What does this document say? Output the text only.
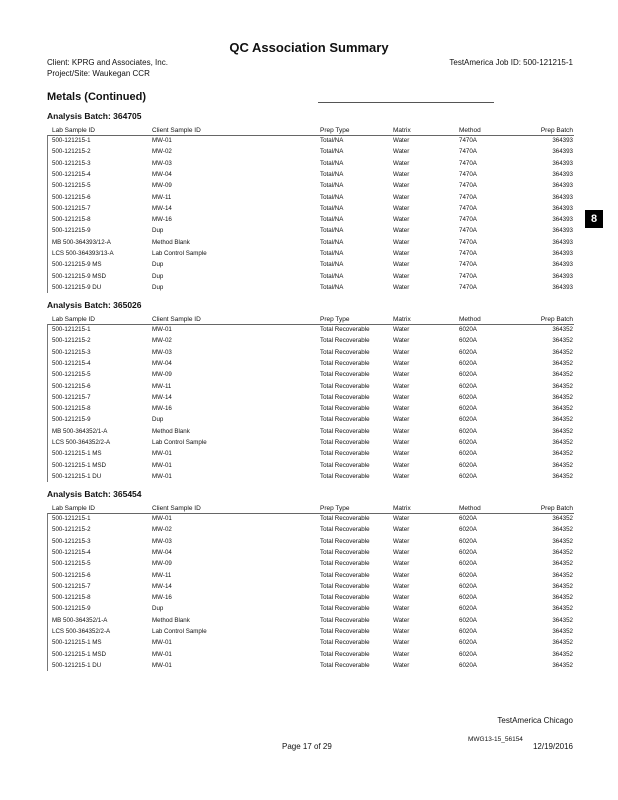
QC Association Summary
Client: KPRG and Associates, Inc.
Project/Site: Waukegan CCR
TestAmerica Job ID: 500-121215-1
Metals (Continued)
8
Analysis Batch: 364705
Lab Sample ID	Client Sample ID	Prep Type	Matrix	Method	Prep Batch
500-121215-1	MW-01	Total/NA	Water	7470A	364393
500-121215-2	MW-02	Total/NA	Water	7470A	364393
500-121215-3	MW-03	Total/NA	Water	7470A	364393
500-121215-4	MW-04	Total/NA	Water	7470A	364393
500-121215-5	MW-09	Total/NA	Water	7470A	364393
500-121215-6	MW-11	Total/NA	Water	7470A	364393
500-121215-7	MW-14	Total/NA	Water	7470A	364393
500-121215-8	MW-16	Total/NA	Water	7470A	364393
500-121215-9	Dup	Total/NA	Water	7470A	364393
MB 500-364393/12-A	Method Blank	Total/NA	Water	7470A	364393
LCS 500-364393/13-A	Lab Control Sample	Total/NA	Water	7470A	364393
500-121215-9 MS	Dup	Total/NA	Water	7470A	364393
500-121215-9 MSD	Dup	Total/NA	Water	7470A	364393
500-121215-9 DU	Dup	Total/NA	Water	7470A	364393
Analysis Batch: 365026
Lab Sample ID	Client Sample ID	Prep Type	Matrix	Method	Prep Batch
500-121215-1	MW-01	Total Recoverable	Water	6020A	364352
500-121215-2	MW-02	Total Recoverable	Water	6020A	364352
500-121215-3	MW-03	Total Recoverable	Water	6020A	364352
500-121215-4	MW-04	Total Recoverable	Water	6020A	364352
500-121215-5	MW-09	Total Recoverable	Water	6020A	364352
500-121215-6	MW-11	Total Recoverable	Water	6020A	364352
500-121215-7	MW-14	Total Recoverable	Water	6020A	364352
500-121215-8	MW-16	Total Recoverable	Water	6020A	364352
500-121215-9	Dup	Total Recoverable	Water	6020A	364352
MB 500-364352/1-A	Method Blank	Total Recoverable	Water	6020A	364352
LCS 500-364352/2-A	Lab Control Sample	Total Recoverable	Water	6020A	364352
500-121215-1 MS	MW-01	Total Recoverable	Water	6020A	364352
500-121215-1 MSD	MW-01	Total Recoverable	Water	6020A	364352
500-121215-1 DU	MW-01	Total Recoverable	Water	6020A	364352
Analysis Batch: 365454
Lab Sample ID	Client Sample ID	Prep Type	Matrix	Method	Prep Batch
500-121215-1	MW-01	Total Recoverable	Water	6020A	364352
500-121215-2	MW-02	Total Recoverable	Water	6020A	364352
500-121215-3	MW-03	Total Recoverable	Water	6020A	364352
500-121215-4	MW-04	Total Recoverable	Water	6020A	364352
500-121215-5	MW-09	Total Recoverable	Water	6020A	364352
500-121215-6	MW-11	Total Recoverable	Water	6020A	364352
500-121215-7	MW-14	Total Recoverable	Water	6020A	364352
500-121215-8	MW-16	Total Recoverable	Water	6020A	364352
500-121215-9	Dup	Total Recoverable	Water	6020A	364352
MB 500-364352/1-A	Method Blank	Total Recoverable	Water	6020A	364352
LCS 500-364352/2-A	Lab Control Sample	Total Recoverable	Water	6020A	364352
500-121215-1 MS	MW-01	Total Recoverable	Water	6020A	364352
500-121215-1 MSD	MW-01	Total Recoverable	Water	6020A	364352
500-121215-1 DU	MW-01	Total Recoverable	Water	6020A	364352
TestAmerica Chicago
MWG13-15_56154
Page 17 of 29	12/19/2016
